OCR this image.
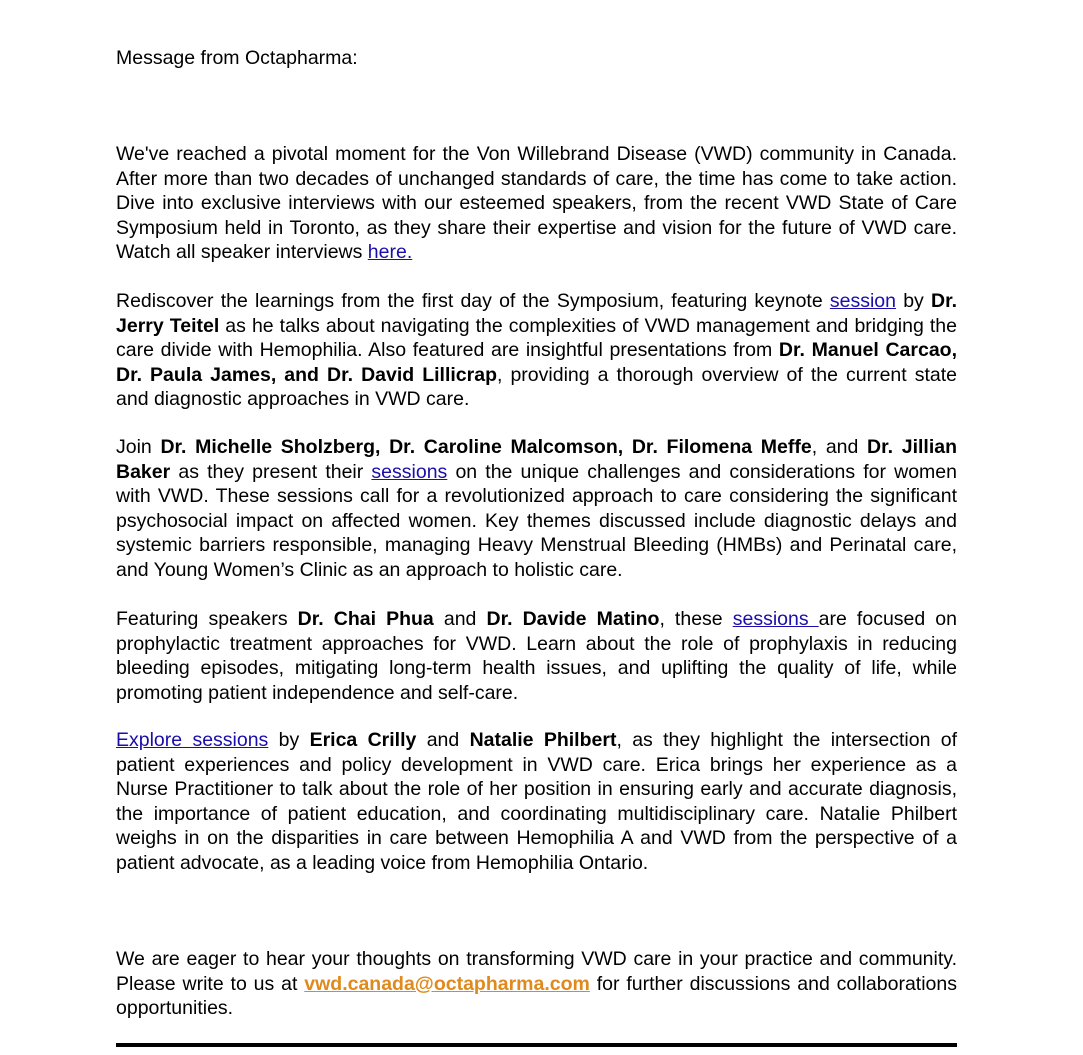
Message from Octapharma:

We've reached a pivotal moment for the Von Willebrand Disease (VWD) community in Canada. After more than two decades of unchanged standards of care, the time has come to take action. Dive into exclusive interviews with our esteemed speakers, from the recent VWD State of Care Symposium held in Toronto, as they share their expertise and vision for the future of VWD care. Watch all speaker interviews here.

Rediscover the learnings from the first day of the Symposium, featuring keynote session by Dr. Jerry Teitel as he talks about navigating the complexities of VWD management and bridging the care divide with Hemophilia. Also featured are insightful presentations from Dr. Manuel Carcao, Dr. Paula James, and Dr. David Lillicrap, providing a thorough overview of the current state and diagnostic approaches in VWD care.

Join Dr. Michelle Sholzberg, Dr. Caroline Malcomson, Dr. Filomena Meffe, and Dr. Jillian Baker as they present their sessions on the unique challenges and considerations for women with VWD. These sessions call for a revolutionized approach to care considering the significant psychosocial impact on affected women. Key themes discussed include diagnostic delays and systemic barriers responsible, managing Heavy Menstrual Bleeding (HMBs) and Perinatal care, and Young Women’s Clinic as an approach to holistic care.

Featuring speakers Dr. Chai Phua and Dr. Davide Matino, these sessions are focused on prophylactic treatment approaches for VWD. Learn about the role of prophylaxis in reducing bleeding episodes, mitigating long-term health issues, and uplifting the quality of life, while promoting patient independence and self-care.

Explore sessions by Erica Crilly and Natalie Philbert, as they highlight the intersection of patient experiences and policy development in VWD care. Erica brings her experience as a Nurse Practitioner to talk about the role of her position in ensuring early and accurate diagnosis, the importance of patient education, and coordinating multidisciplinary care. Natalie Philbert weighs in on the disparities in care between Hemophilia A and VWD from the perspective of a patient advocate, as a leading voice from Hemophilia Ontario.

We are eager to hear your thoughts on transforming VWD care in your practice and community. Please write to us at vwd.canada@octapharma.com for further discussions and collaborations opportunities.
